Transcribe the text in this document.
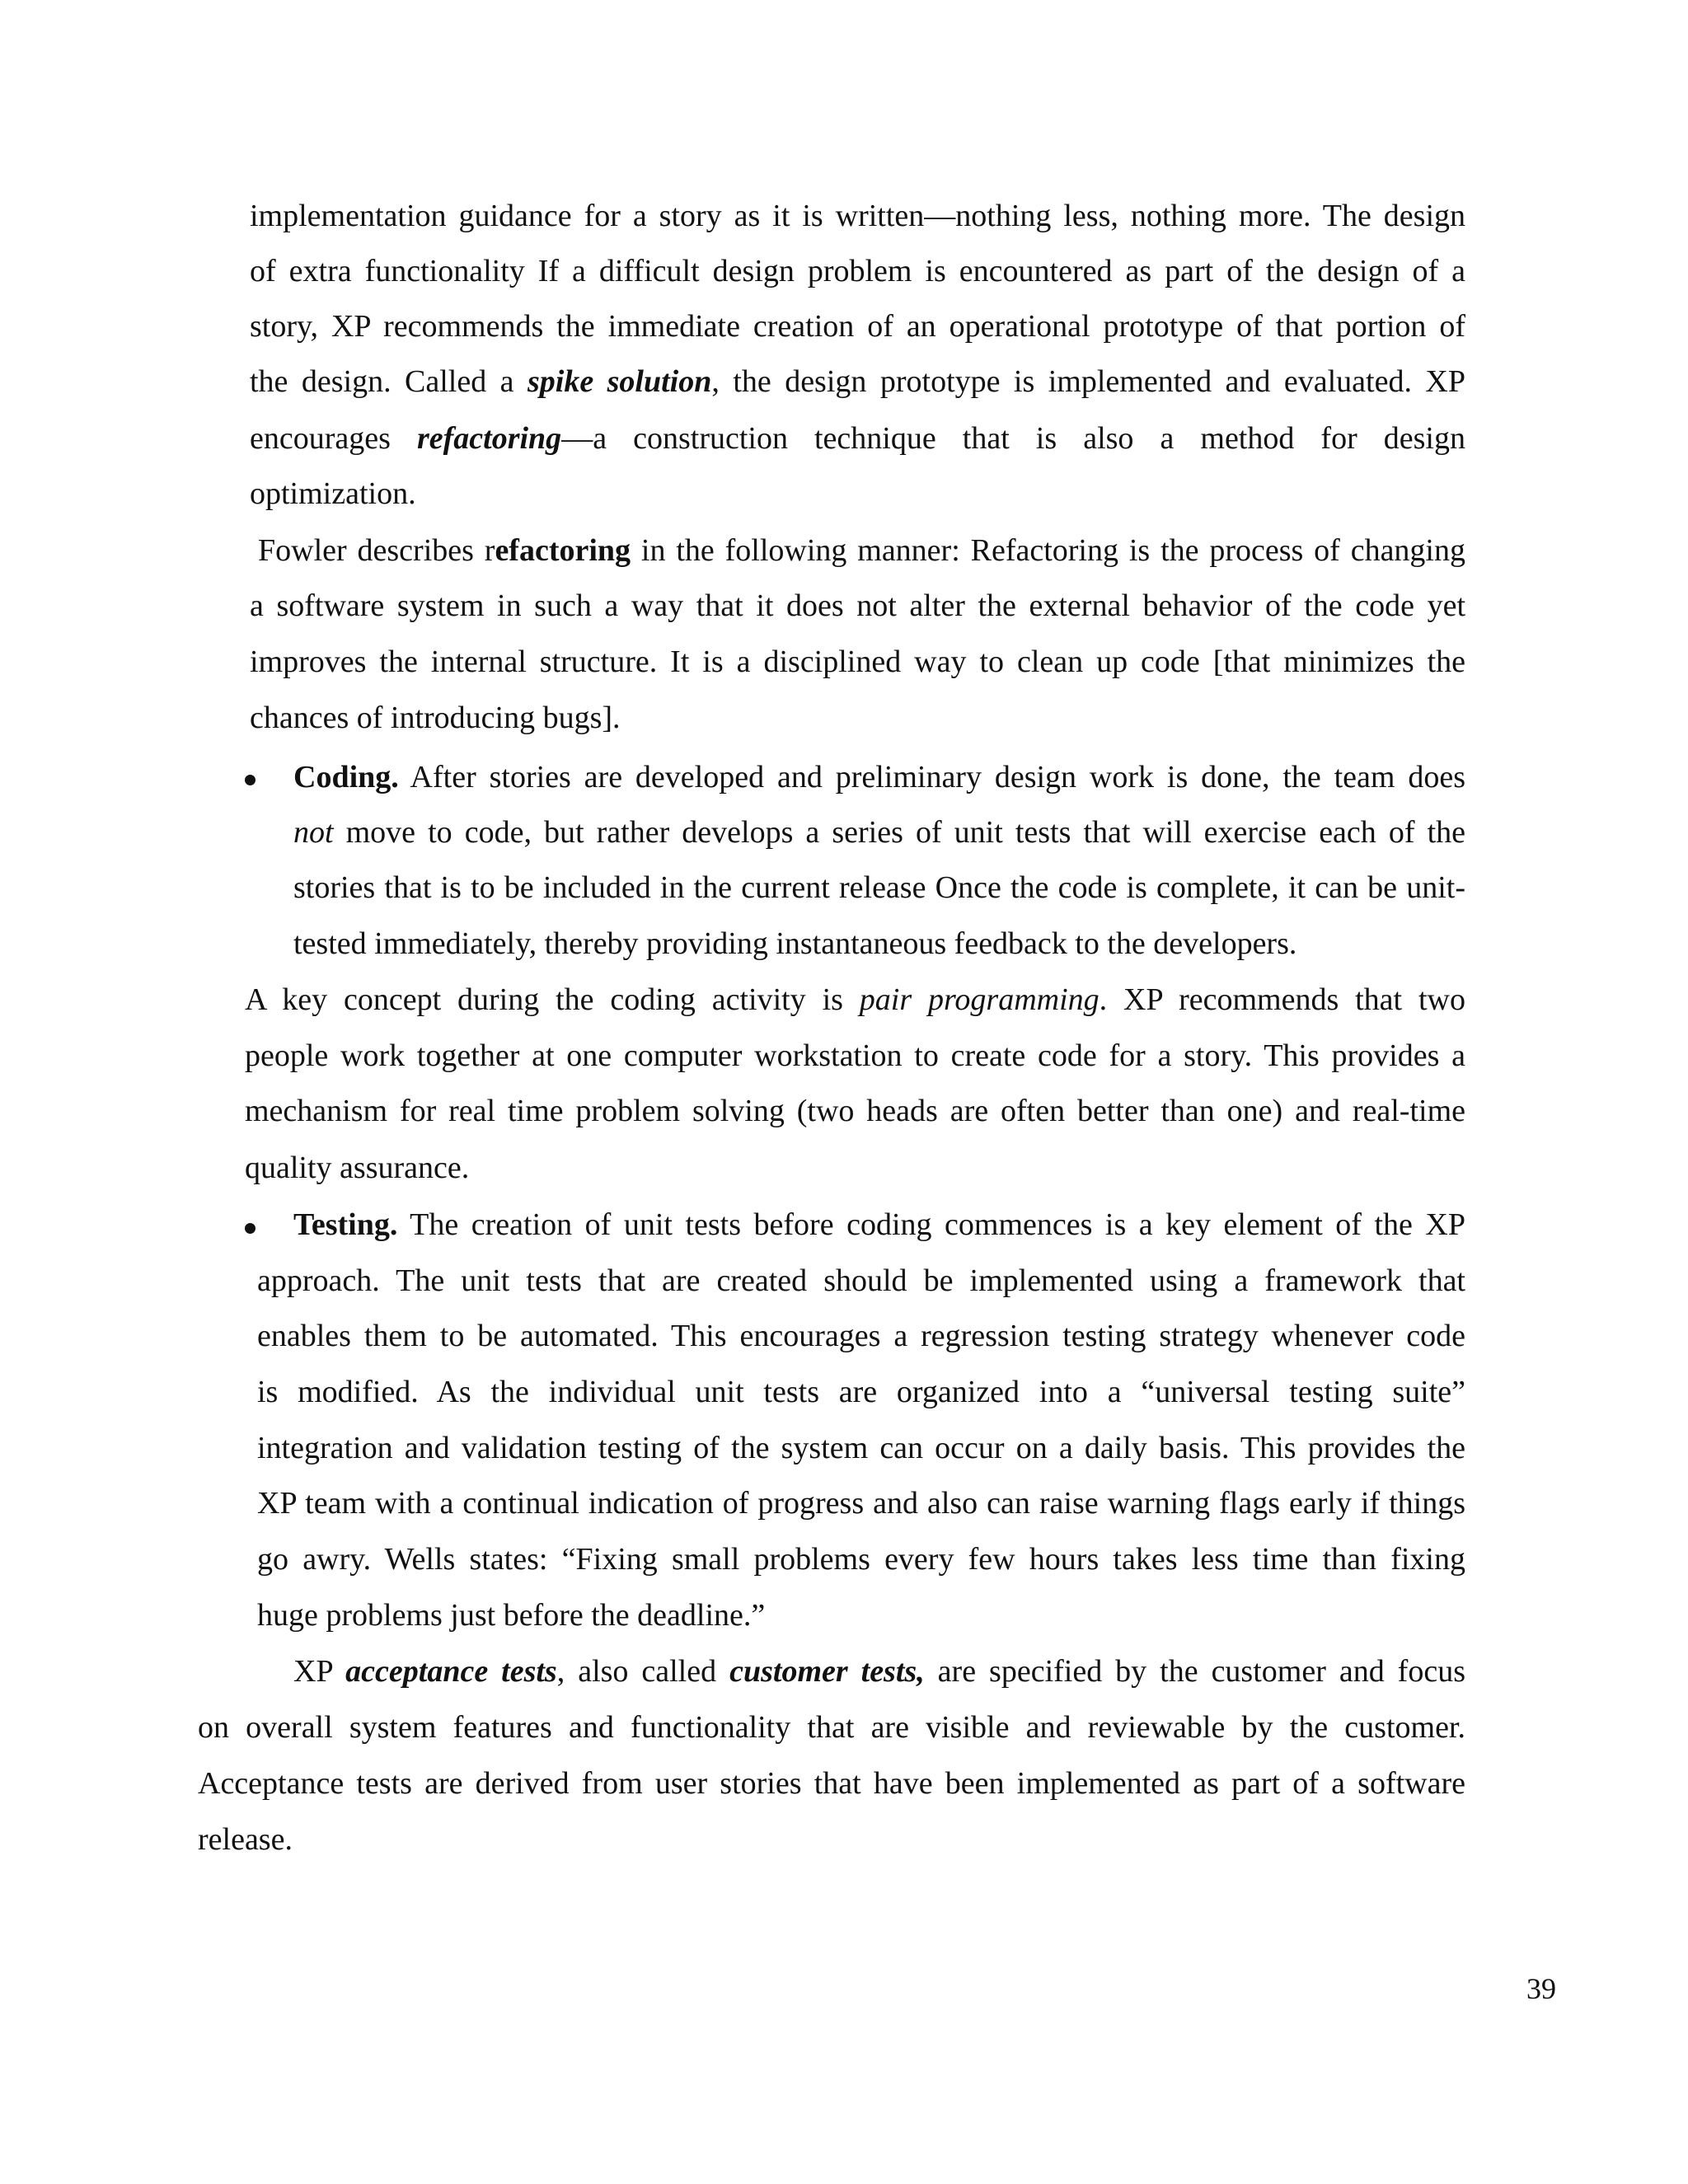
implementation guidance for a story as it is written—nothing less, nothing more. The design
of extra functionality If a difficult design problem is encountered as part of the design of a
story, XP recommends the immediate creation of an operational prototype of that portion of
the design. Called a spike solution, the design prototype is implemented and evaluated. XP
encourages refactoring—a construction technique that is also a method for design
optimization.
Fowler describes refactoring in the following manner: Refactoring is the process of changing
a software system in such a way that it does not alter the external behavior of the code yet
improves the internal structure. It is a disciplined way to clean up code [that minimizes the
chances of introducing bugs].
Coding. After stories are developed and preliminary design work is done, the team does
not move to code, but rather develops a series of unit tests that will exercise each of the
stories that is to be included in the current release Once the code is complete, it can be unit-
tested immediately, thereby providing instantaneous feedback to the developers.
A key concept during the coding activity is pair programming. XP recommends that two
people work together at one computer workstation to create code for a story. This provides a
mechanism for real time problem solving (two heads are often better than one) and real-time
quality assurance.
Testing. The creation of unit tests before coding commences is a key element of the XP
approach. The unit tests that are created should be implemented using a framework that
enables them to be automated. This encourages a regression testing strategy whenever code
is modified. As the individual unit tests are organized into a “universal testing suite”
integration and validation testing of the system can occur on a daily basis. This provides the
XP team with a continual indication of progress and also can raise warning flags early if things
go awry. Wells states: “Fixing small problems every few hours takes less time than fixing
huge problems just before the deadline.”
XP acceptance tests, also called customer tests, are specified by the customer and focus
on overall system features and functionality that are visible and reviewable by the customer.
Acceptance tests are derived from user stories that have been implemented as part of a software
release.
39
